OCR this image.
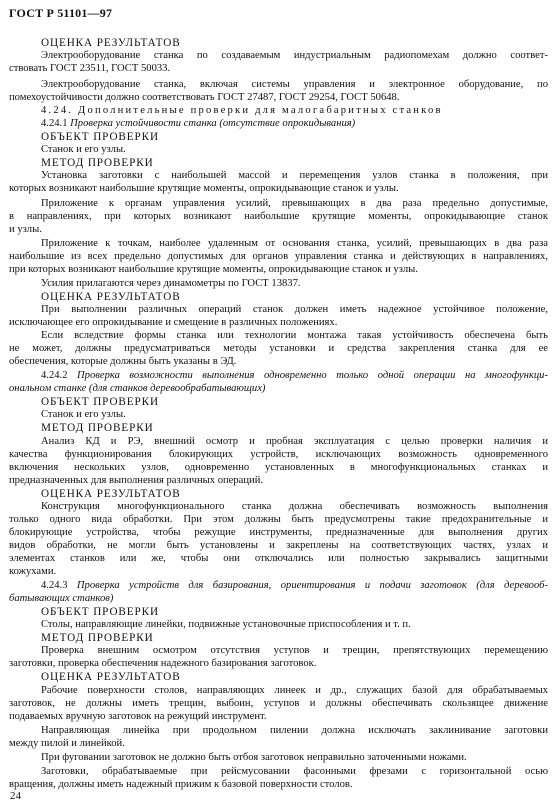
ГОСТ Р 51101—97
ОЦЕНКА РЕЗУЛЬТАТОВ
Электрооборудование станка по создаваемым индустриальным радиопомехам должно соответ-
ствовать ГОСТ 23511, ГОСТ 50033.
Электрооборудование станка, включая системы управления и электронное оборудование, по
помехоустойчивости должно соответствовать ГОСТ 27487, ГОСТ 29254, ГОСТ 50648.
4.24. Дополнительные проверки для малогабаритных станков
4.24.1 Проверка устойчивости станка (отсутствие опрокидывания)
ОБЪЕКТ ПРОВЕРКИ
Станок и его узлы.
МЕТОД ПРОВЕРКИ
Установка заготовки с наибольшей массой и перемещения узлов станка в положения, при
которых возникают наибольшие крутящие моменты, опрокидывающие станок и узлы.
Приложение к органам управления усилий, превышающих в два раза предельно допустимые,
в направлениях, при которых возникают наибольшие крутящие моменты, опрокидывающие станок
и узлы.
Приложение к точкам, наиболее удаленным от основания станка, усилий, превышающих в два раза
наибольшие из всех предельно допустимых для органов управления станка и действующих в направлениях,
при которых возникают наибольшие крутящие моменты, опрокидывающие станок и узлы.
Усилия прилагаются через динамометры по ГОСТ 13837.
ОЦЕНКА РЕЗУЛЬТАТОВ
При выполнении различных операций станок должен иметь надежное устойчивое положение,
исключающее его опрокидывание и смещение в различных положениях.
Если вследствие формы станка или технологии монтажа такая устойчивость обеспечена быть
не может, должны предусматриваться методы установки и средства закрепления станка для ее
обеспечения, которые должны быть указаны в ЭД.
4.24.2 Проверка возможности выполнения одновременно только одной операции на многофункци-
ональном станке (для станков деревообрабатывающих)
ОБЪЕКТ ПРОВЕРКИ
Станок и его узлы.
МЕТОД ПРОВЕРКИ
Анализ КД и РЭ, внешний осмотр и пробная эксплуатация с целью проверки наличия и
качества функционирования блокирующих устройств, исключающих возможность одновременного
включения нескольких узлов, одновременно установленных в многофункциональных станках и
предназначенных для выполнения различных операций.
ОЦЕНКА РЕЗУЛЬТАТОВ
Конструкция многофункционального станка должна обеспечивать возможность выполнения
только одного вида обработки. При этом должны быть предусмотрены такие предохранительные и
блокирующие устройства, чтобы режущие инструменты, предназначенные для выполнения других
видов обработки, не могли быть установлены и закреплены на соответствующих частях, узлах и
элементах станков или же, чтобы они отключались или полностью закрывались защитными
кожухами.
4.24.3 Проверка устройств для базирования, ориентирования и подачи заготовок (для деревооб-
батывающих станков)
ОБЪЕКТ ПРОВЕРКИ
Столы, направляющие линейки, подвижные установочные приспособления и т. п.
МЕТОД ПРОВЕРКИ
Проверка внешним осмотром отсутствия уступов и трещин, препятствующих перемещению
заготовки, проверка обеспечения надежного базирования заготовок.
ОЦЕНКА РЕЗУЛЬТАТОВ
Рабочие поверхности столов, направляющих линеек и др., служащих базой для обрабатываемых
заготовок, не должны иметь трещин, выбоин, уступов и должны обеспечивать скользящее движение
подаваемых вручную заготовок на режущий инструмент.
Направляющая линейка при продольном пилении должна исключать заклинивание заготовки
между пилой и линейкой.
При фуговании заготовок не должно быть отбоя заготовок неправильно заточенными ножами.
Заготовки, обрабатываемые при рейсмусовании фасонными фрезами с горизонтальной осью
вращения, должны иметь надежный прижим к базовой поверхности столов.
24
